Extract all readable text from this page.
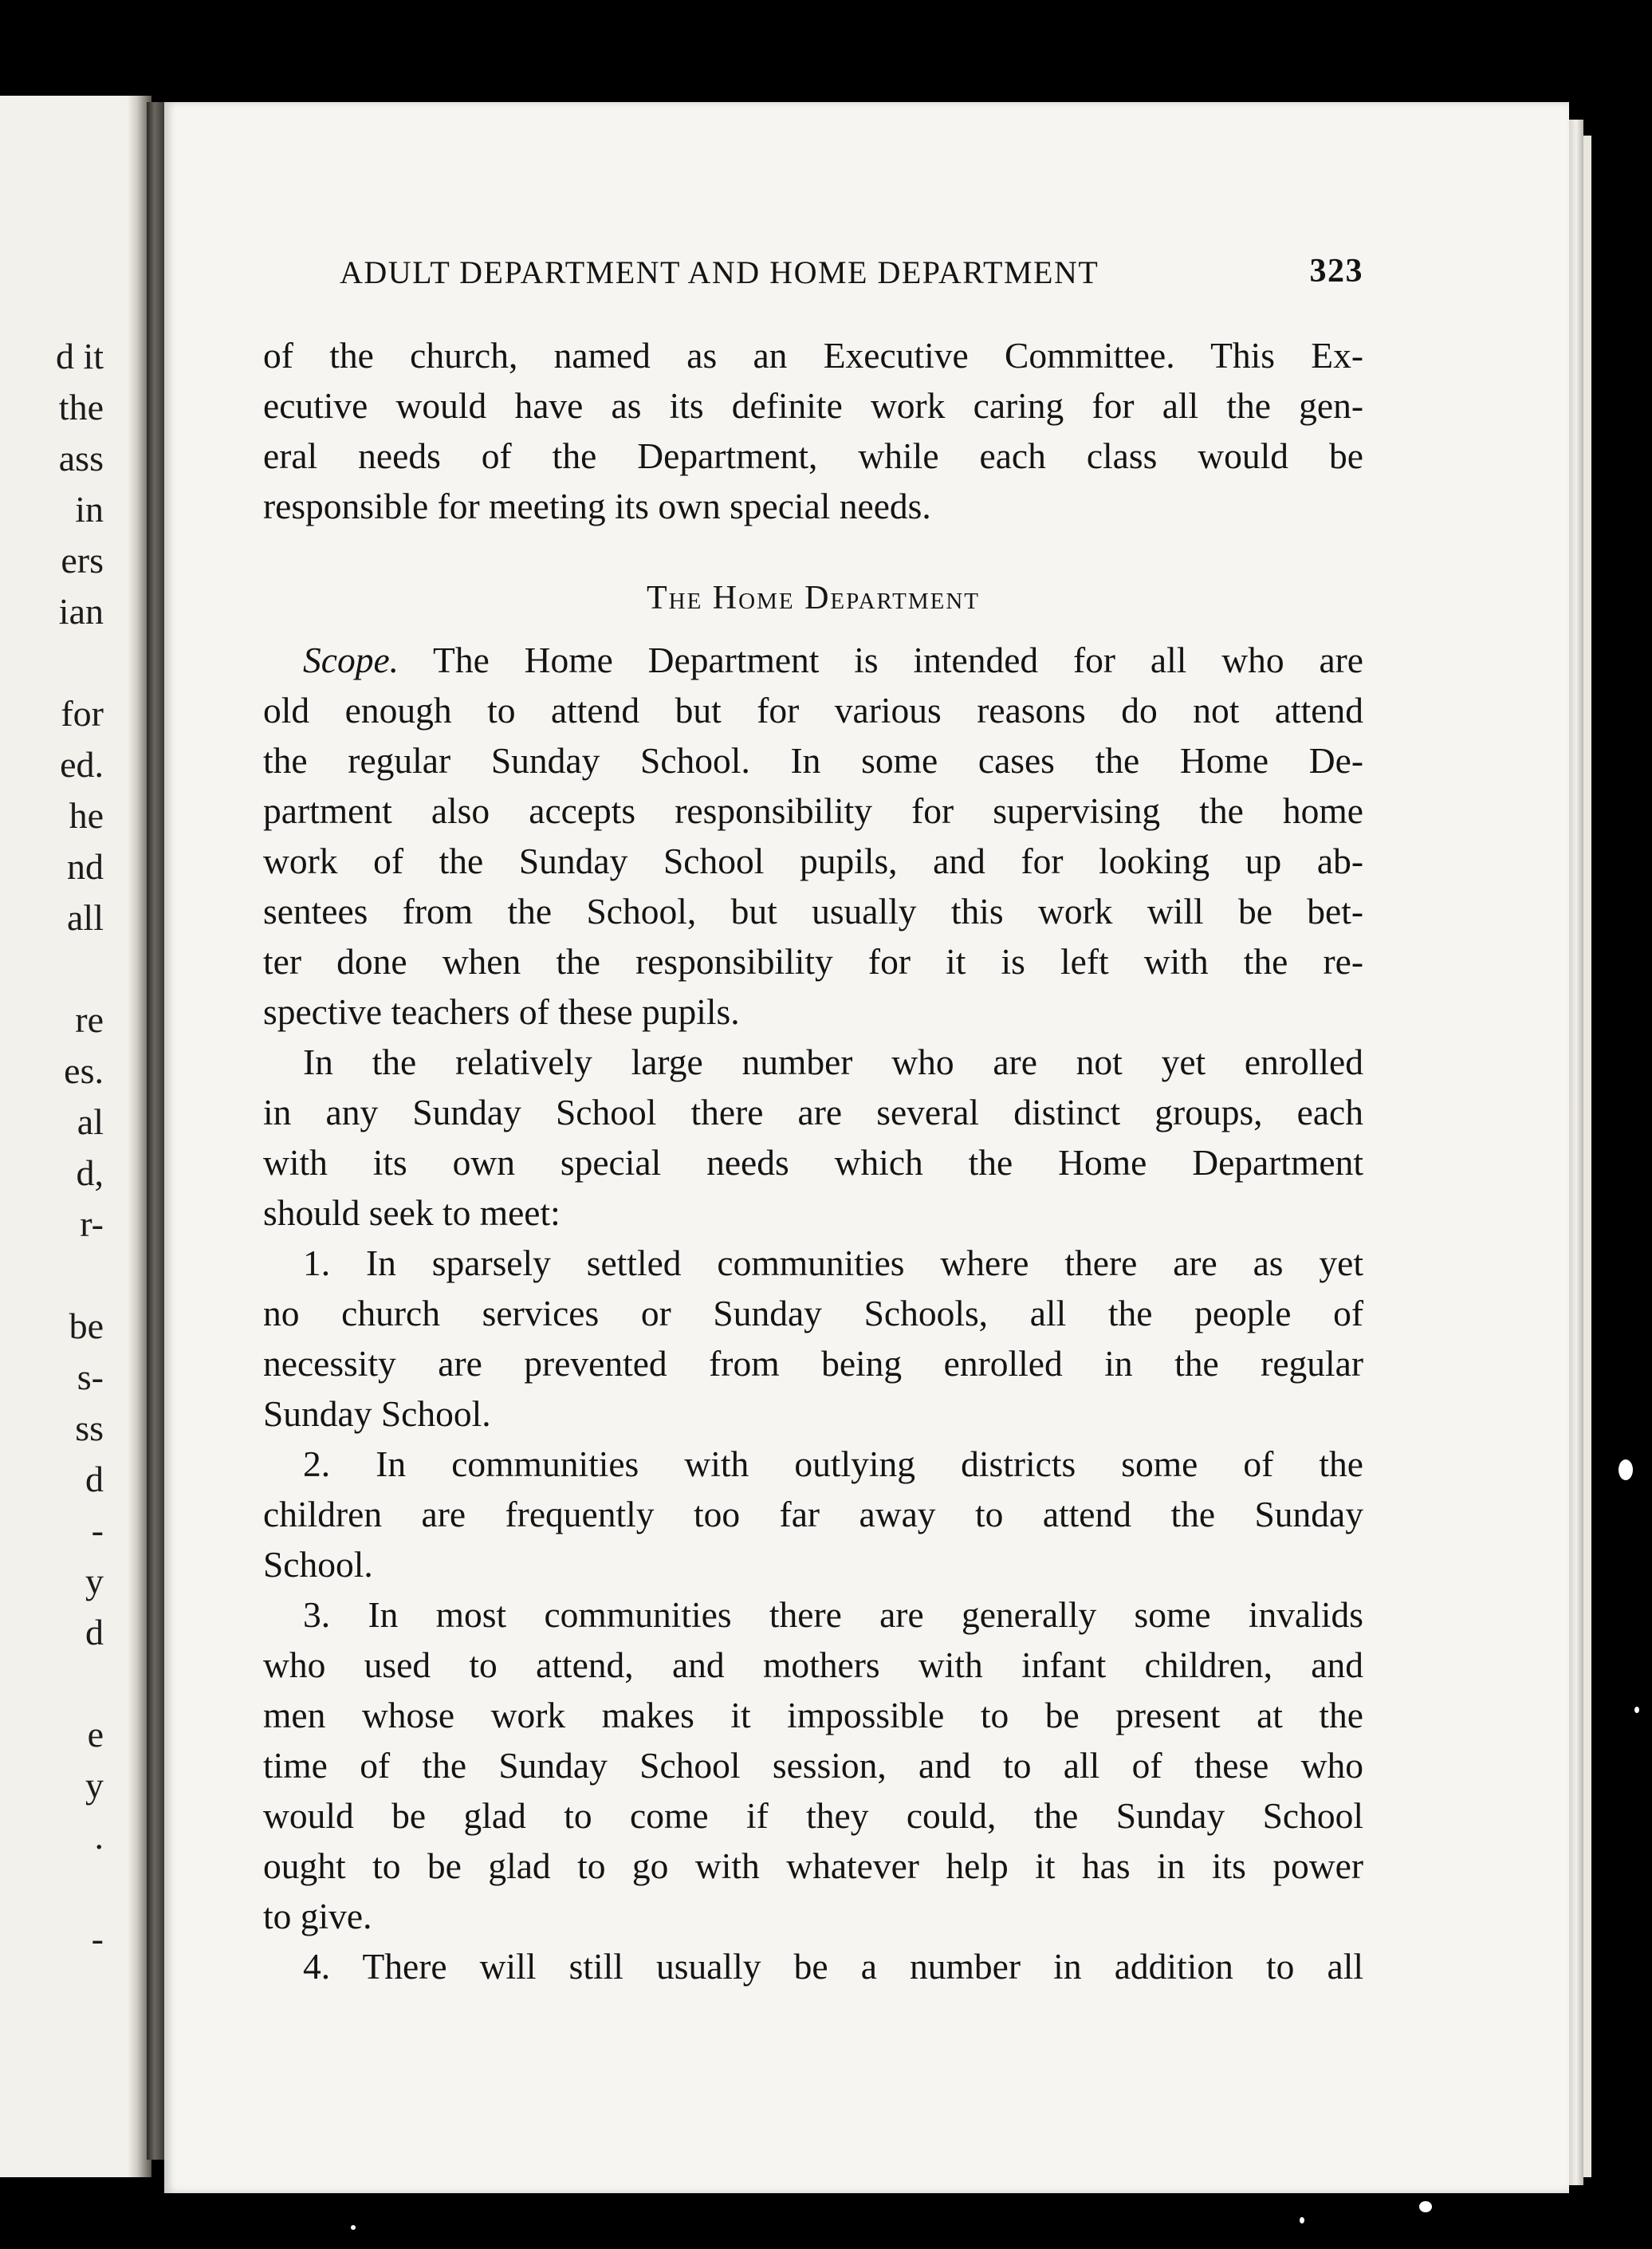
d it
the
ass
in
ers
ian
for
ed.
he
nd
all
re
es.
al
d,
r-
be
s-
ss
d
-
y
d
e
y
.
-
ADULT DEPARTMENT AND HOME DEPARTMENT	323

of the church, named as an Executive Committee. This Ex-
ecutive would have as its definite work caring for all the gen-
eral needs of the Department, while each class would be
responsible for meeting its own special needs.

The Home Department

Scope. The Home Department is intended for all who are
old enough to attend but for various reasons do not attend
the regular Sunday School. In some cases the Home De-
partment also accepts responsibility for supervising the home
work of the Sunday School pupils, and for looking up ab-
sentees from the School, but usually this work will be bet-
ter done when the responsibility for it is left with the re-
spective teachers of these pupils.

In the relatively large number who are not yet enrolled
in any Sunday School there are several distinct groups, each
with its own special needs which the Home Department
should seek to meet:

1. In sparsely settled communities where there are as yet
no church services or Sunday Schools, all the people of
necessity are prevented from being enrolled in the regular
Sunday School.

2. In communities with outlying districts some of the
children are frequently too far away to attend the Sunday
School.

3. In most communities there are generally some invalids
who used to attend, and mothers with infant children, and
men whose work makes it impossible to be present at the
time of the Sunday School session, and to all of these who
would be glad to come if they could, the Sunday School
ought to be glad to go with whatever help it has in its power
to give.

4. There will still usually be a number in addition to all
